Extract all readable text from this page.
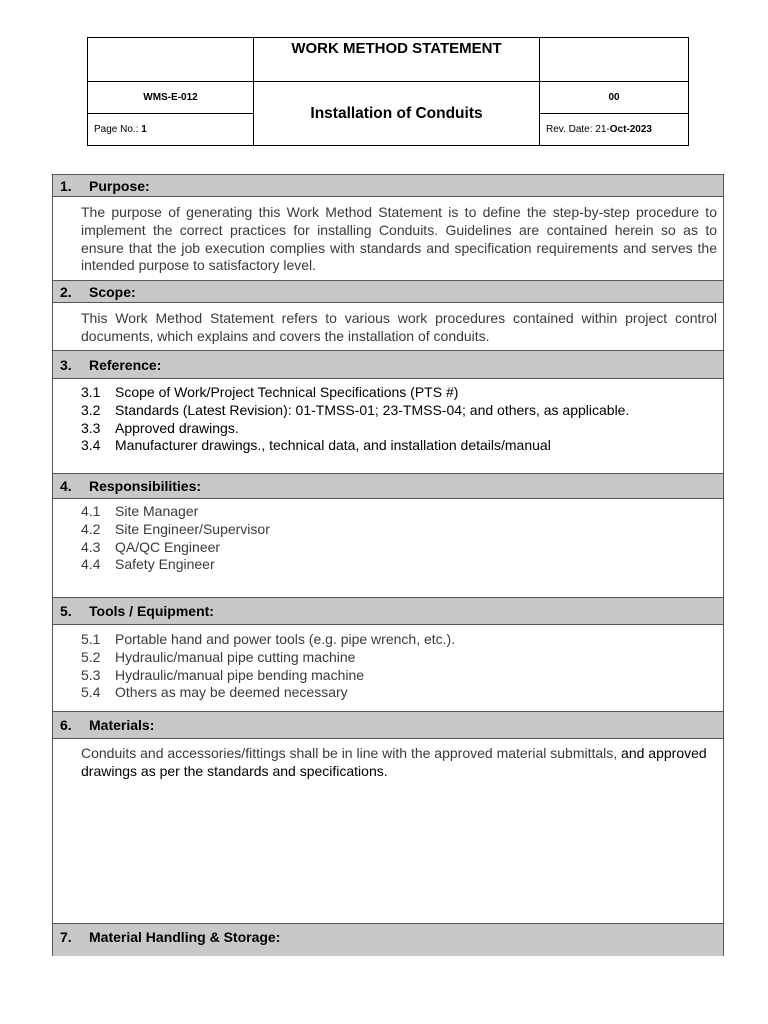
	WORK METHOD STATEMENT	
WMS-E-012	Installation of Conduits	00
Page No.: 1		Rev. Date: 21-Oct-2023
1.	Purpose:
The purpose of generating this Work Method Statement is to define the step-by-step procedure to implement the correct practices for installing Conduits. Guidelines are contained herein so as to ensure that the job execution complies with standards and specification requirements and serves the intended purpose to satisfactory level.
2.	Scope:
This Work Method Statement refers to various work procedures contained within project control documents, which explains and covers the installation of conduits.
3.	Reference:
3.1	Scope of Work/Project Technical Specifications (PTS #)
3.2	Standards (Latest Revision): 01-TMSS-01; 23-TMSS-04; and others, as applicable.
3.3	Approved drawings.
3.4	Manufacturer drawings., technical data, and installation details/manual
4.	Responsibilities:
4.1	Site Manager
4.2	Site Engineer/Supervisor
4.3	QA/QC Engineer
4.4	Safety Engineer
5.	Tools / Equipment:
5.1	Portable hand and power tools (e.g. pipe wrench, etc.).
5.2	Hydraulic/manual pipe cutting machine
5.3	Hydraulic/manual pipe bending machine
5.4	Others as may be deemed necessary
6.	Materials:
Conduits and accessories/fittings shall be in line with the approved material submittals, and approved drawings as per the standards and specifications.
7.	Material Handling & Storage:
